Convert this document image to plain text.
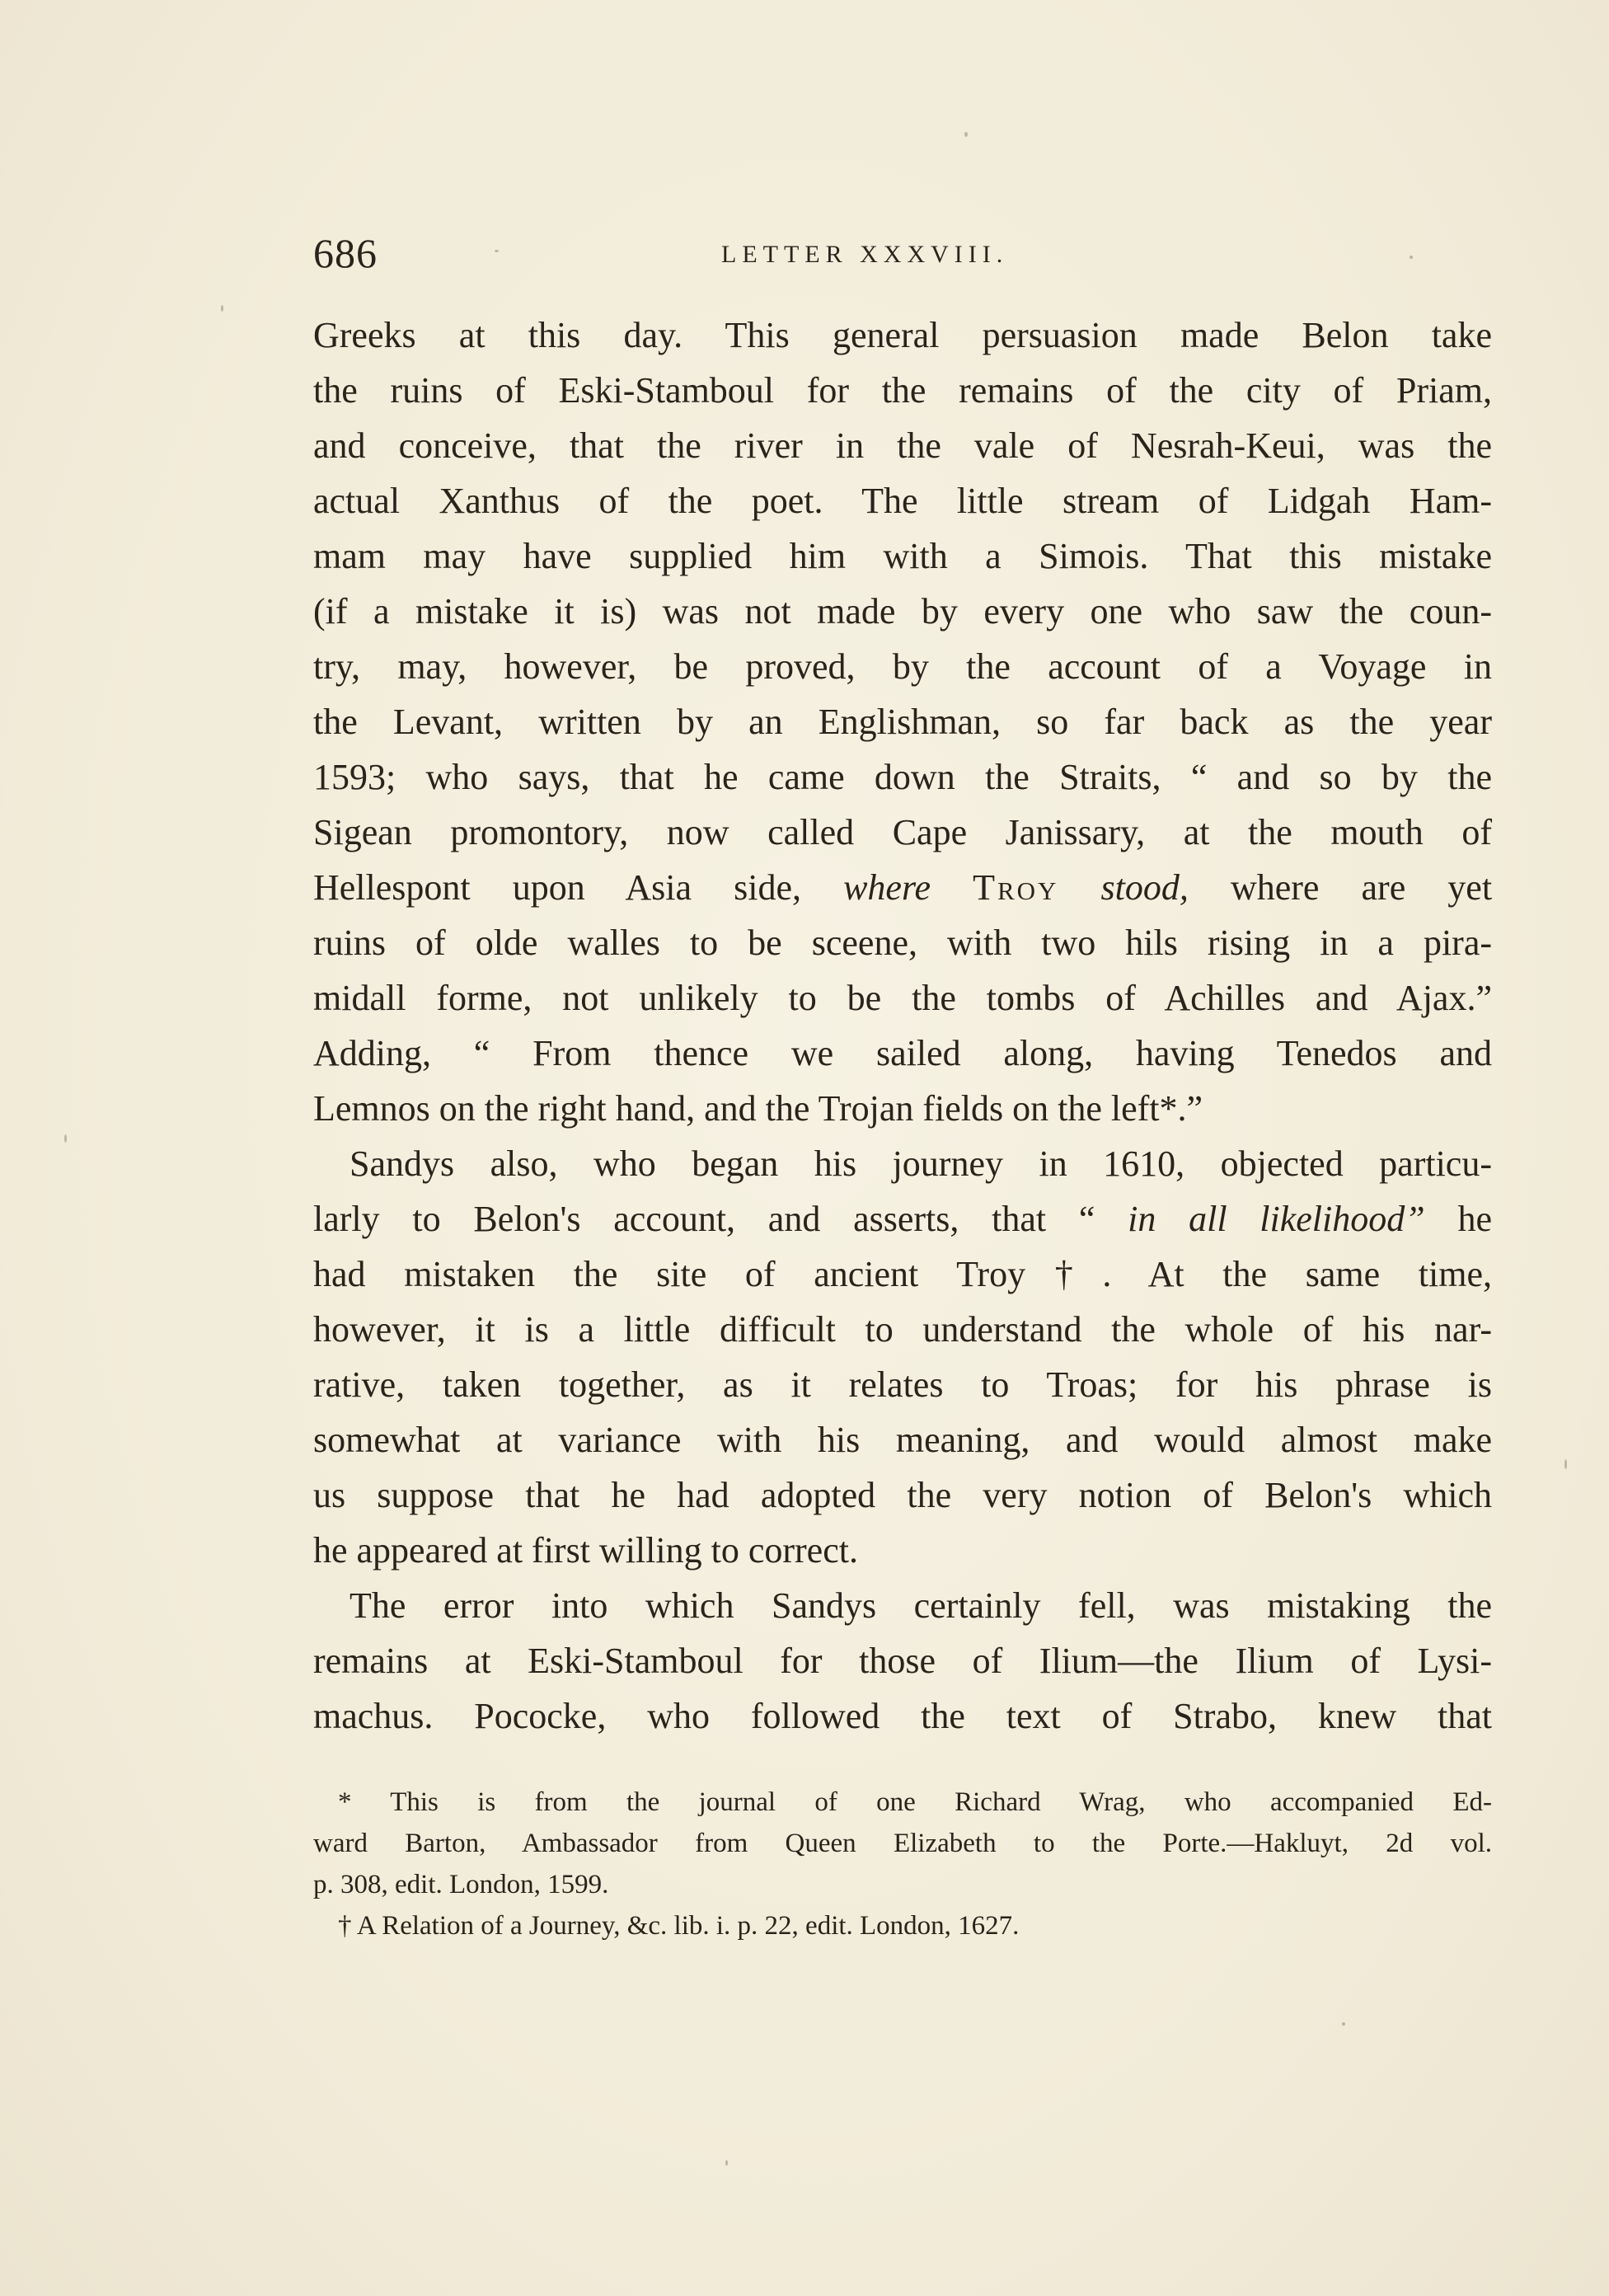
686	LETTER XXXVIII.
Greeks at this day. This general persuasion made Belon take
the ruins of Eski-Stamboul for the remains of the city of Priam,
and conceive, that the river in the vale of Nesrah-Keui, was the
actual Xanthus of the poet. The little stream of Lidgah Ham-
mam may have supplied him with a Simois. That this mistake
(if a mistake it is) was not made by every one who saw the coun-
try, may, however, be proved, by the account of a Voyage in
the Levant, written by an Englishman, so far back as the year
1593; who says, that he came down the Straits, “ and so by the
Sigean promontory, now called Cape Janissary, at the mouth of
Hellespont upon Asia side, where Troy stood, where are yet
ruins of olde walles to be sceene, with two hils rising in a pira-
midall forme, not unlikely to be the tombs of Achilles and Ajax.”
Adding, “ From thence we sailed along, having Tenedos and
Lemnos on the right hand, and the Trojan fields on the left*.”
Sandys also, who began his journey in 1610, objected particu-
larly to Belon's account, and asserts, that “ in all likelihood” he
had mistaken the site of ancient Troy†. At the same time,
however, it is a little difficult to understand the whole of his nar-
rative, taken together, as it relates to Troas; for his phrase is
somewhat at variance with his meaning, and would almost make
us suppose that he had adopted the very notion of Belon's which
he appeared at first willing to correct.
The error into which Sandys certainly fell, was mistaking the
remains at Eski-Stamboul for those of Ilium—the Ilium of Lysi-
machus. Pococke, who followed the text of Strabo, knew that
* This is from the journal of one Richard Wrag, who accompanied Ed-
ward Barton, Ambassador from Queen Elizabeth to the Porte.—Hakluyt, 2d vol.
p. 308, edit. London, 1599.
† A Relation of a Journey, &c. lib. i. p. 22, edit. London, 1627.
